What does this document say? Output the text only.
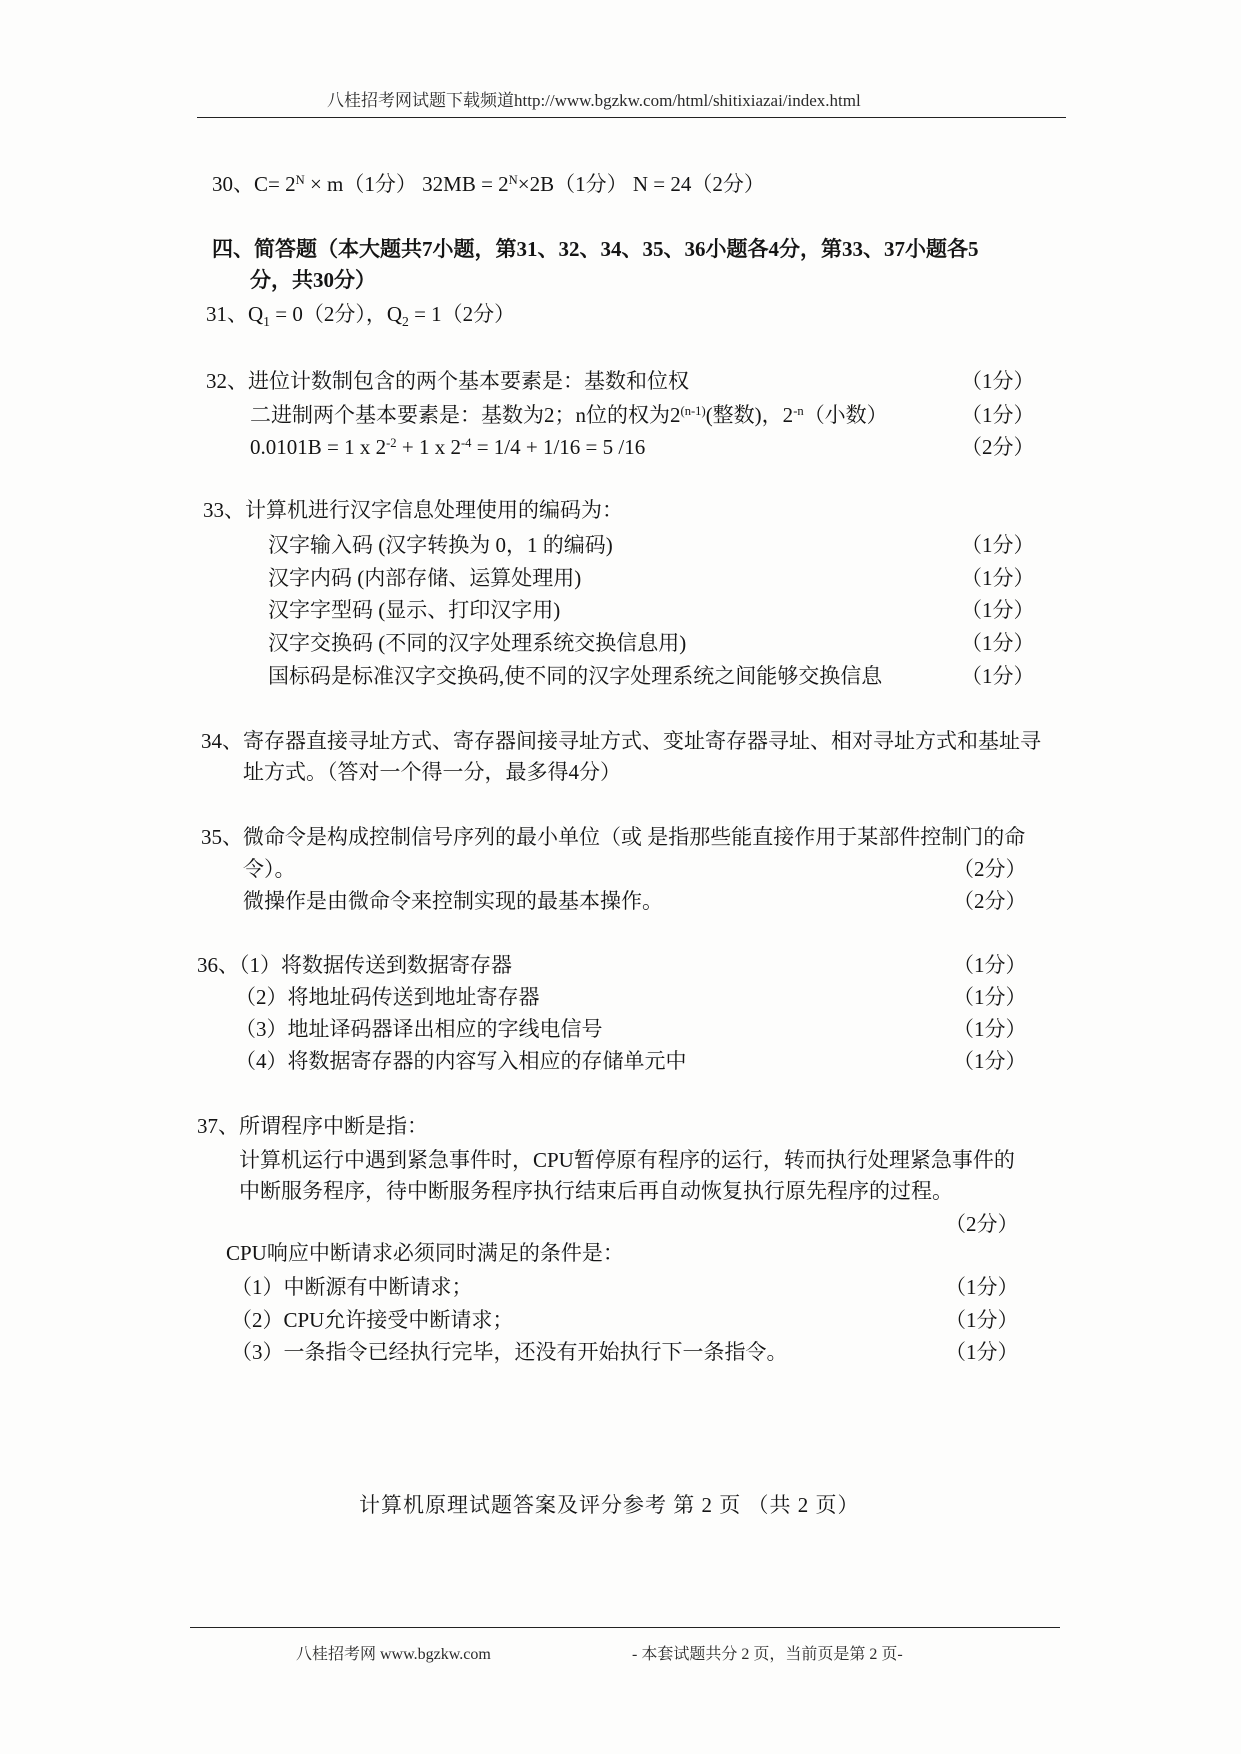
八桂招考网试题下载频道http://www.bgzkw.com/html/shitixiazai/index.html
30、$C= 2^N \times m(1$分） $32MB = 2^N\times 2B(1$分） N = 24（2分）
四、简答题（本大题共7小题，第31、32、34、35、36小题各4分，第33、37小题各5
分，共30分）
31、$Q_1 = 0(2$分），$Q_2 = 1(2$分）
32、进位计数制包含的两个基本要素是：基数和位权	（1分）
二进制两个基本要素是：基数为2；n位的权为2$^{(n-1)}$(整数)，$2^{-n}$（小数）	（1分）
0.0101B = 1 x $2^{-2} + 1$ x $2^{-4} = 1/4 + 1/16 = 5$ /16	（2分）
33、计算机进行汉字信息处理使用的编码为：
汉字输入码 (汉字转换为 0，1 的编码)	（1分）
汉字内码 (内部存储、运算处理用)	（1分）
汉字字型码 (显示、打印汉字用)	（1分）
汉字交换码 (不同的汉字处理系统交换信息用)	（1分）
国标码是标准汉字交换码,使不同的汉字处理系统之间能够交换信息	（1分）
34、寄存器直接寻址方式、寄存器间接寻址方式、变址寄存器寻址、相对寻址方式和基址寻
址方式。（答对一个得一分，最多得4分）
35、微命令是构成控制信号序列的最小单位（或 是指那些能直接作用于某部件控制门的命
令）。	（2分）
微操作是由微命令来控制实现的最基本操作。	（2分）
36、（1）将数据传送到数据寄存器	（1分）
（2）将地址码传送到地址寄存器	（1分）
（3）地址译码器译出相应的字线电信号	（1分）
（4）将数据寄存器的内容写入相应的存储单元中	（1分）
37、所谓程序中断是指：
计算机运行中遇到紧急事件时，CPU暂停原有程序的运行，转而执行处理紧急事件的
中断服务程序，待中断服务程序执行结束后再自动恢复执行原先程序的过程。
（2分）
CPU响应中断请求必须同时满足的条件是：
（1）中断源有中断请求；	（1分）
（2）CPU允许接受中断请求；	（1分）
（3）一条指令已经执行完毕，还没有开始执行下一条指令。	（1分）
计算机原理试题答案及评分参考 第 2 页 （共 2 页）
八桂招考网 www.bgzkw.com	- 本套试题共分 2 页，当前页是第 2 页-
